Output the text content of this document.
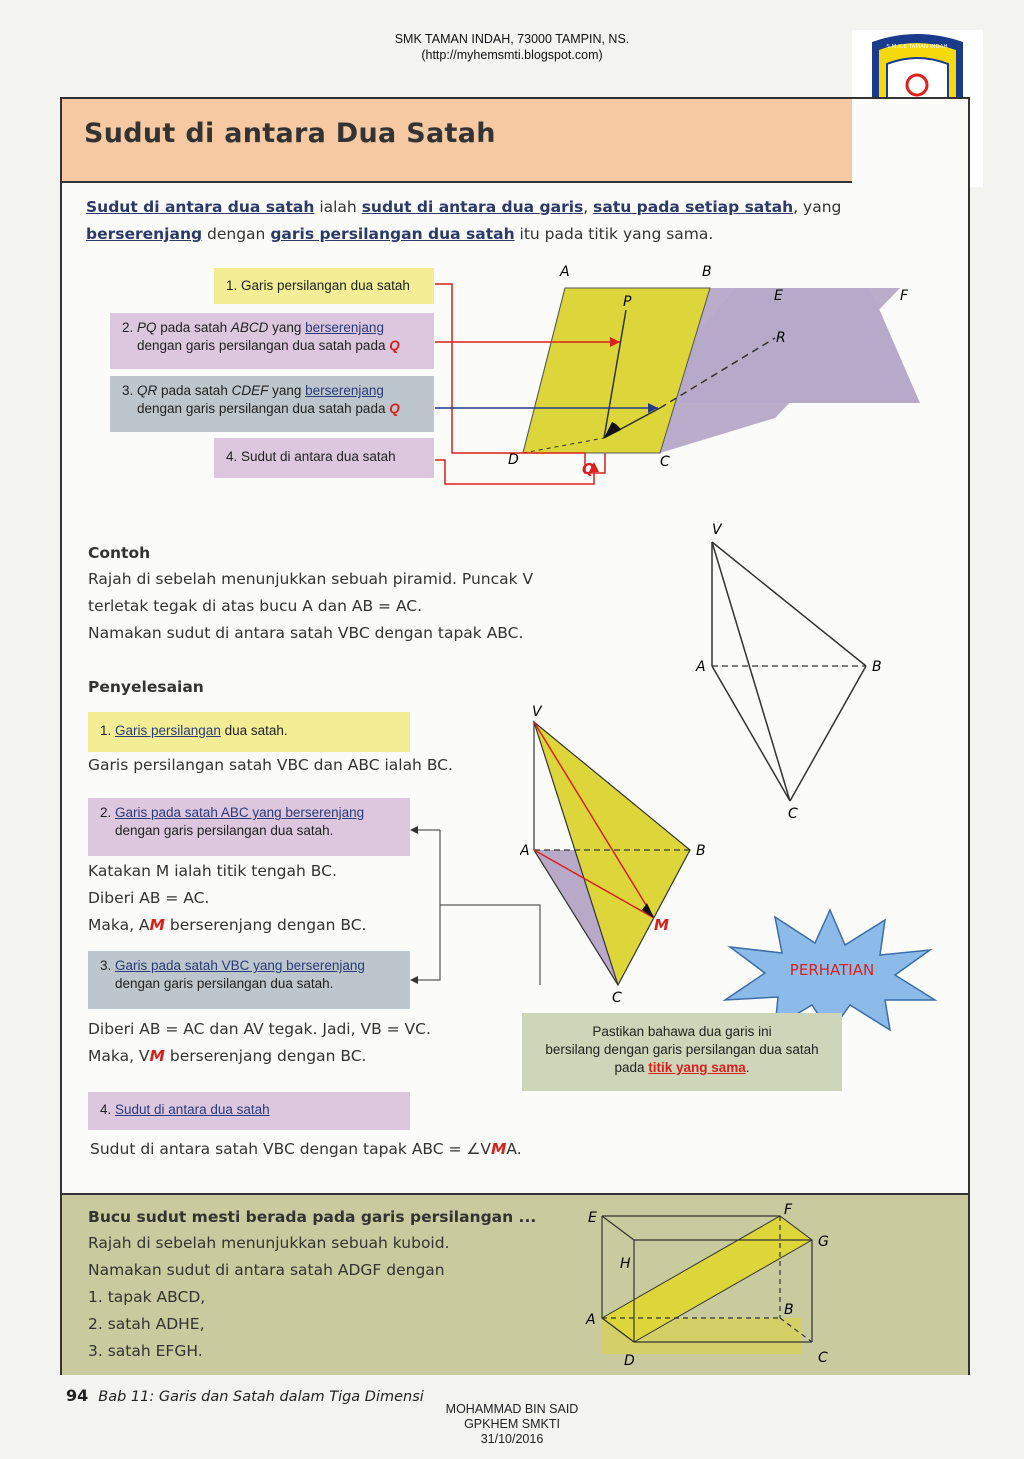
SMK TAMAN INDAH, 73000 TAMPIN, NS.
(http://myhemsmti.blogspot.com)
S.M.K.E TAMAN INDAH
Sudut di antara Dua Satah
Sudut di antara dua satah ialah sudut di antara dua garis, satu pada setiap satah, yang
berserenjang dengan garis persilangan dua satah itu pada titik yang sama.
1. Garis persilangan dua satah
2. PQ pada satah ABCD yang berserenjang
dengan garis persilangan dua satah pada Q
3. QR pada satah CDEF yang berserenjang
dengan garis persilangan dua satah pada Q
4. Sudut di antara dua satah
A	B
E	F
P
R
D	Q	C
Contoh
Rajah di sebelah menunjukkan sebuah piramid. Puncak V
terletak tegak di atas bucu A dan AB = AC.
Namakan sudut di antara satah VBC dengan tapak ABC.
V
A	B
C
Penyelesaian
1. Garis persilangan dua satah.
Garis persilangan satah VBC dan ABC ialah BC.
2. Garis pada satah ABC yang berserenjang
dengan garis persilangan dua satah.
Katakan M ialah titik tengah BC.
Diberi AB = AC.
Maka, AM berserenjang dengan BC.
3. Garis pada satah VBC yang berserenjang
dengan garis persilangan dua satah.
Diberi AB = AC dan AV tegak. Jadi, VB = VC.
Maka, VM berserenjang dengan BC.
4. Sudut di antara dua satah
Sudut di antara satah VBC dengan tapak ABC = ∠VMA.
V
A	B
M
C
PERHATIAN
Pastikan bahawa dua garis ini
bersilang dengan garis persilangan dua satah
pada titik yang sama.
Bucu sudut mesti berada pada garis persilangan ...
Rajah di sebelah menunjukkan sebuah kuboid.
Namakan sudut di antara satah ADGF dengan
1. tapak ABCD,
2. satah ADHE,
3. satah EFGH.
E	F
H
G
A
B
D	C
94 Bab 11: Garis dan Satah dalam Tiga Dimensi
MOHAMMAD BIN SAID
GPKHEM SMKTI
31/10/2016
